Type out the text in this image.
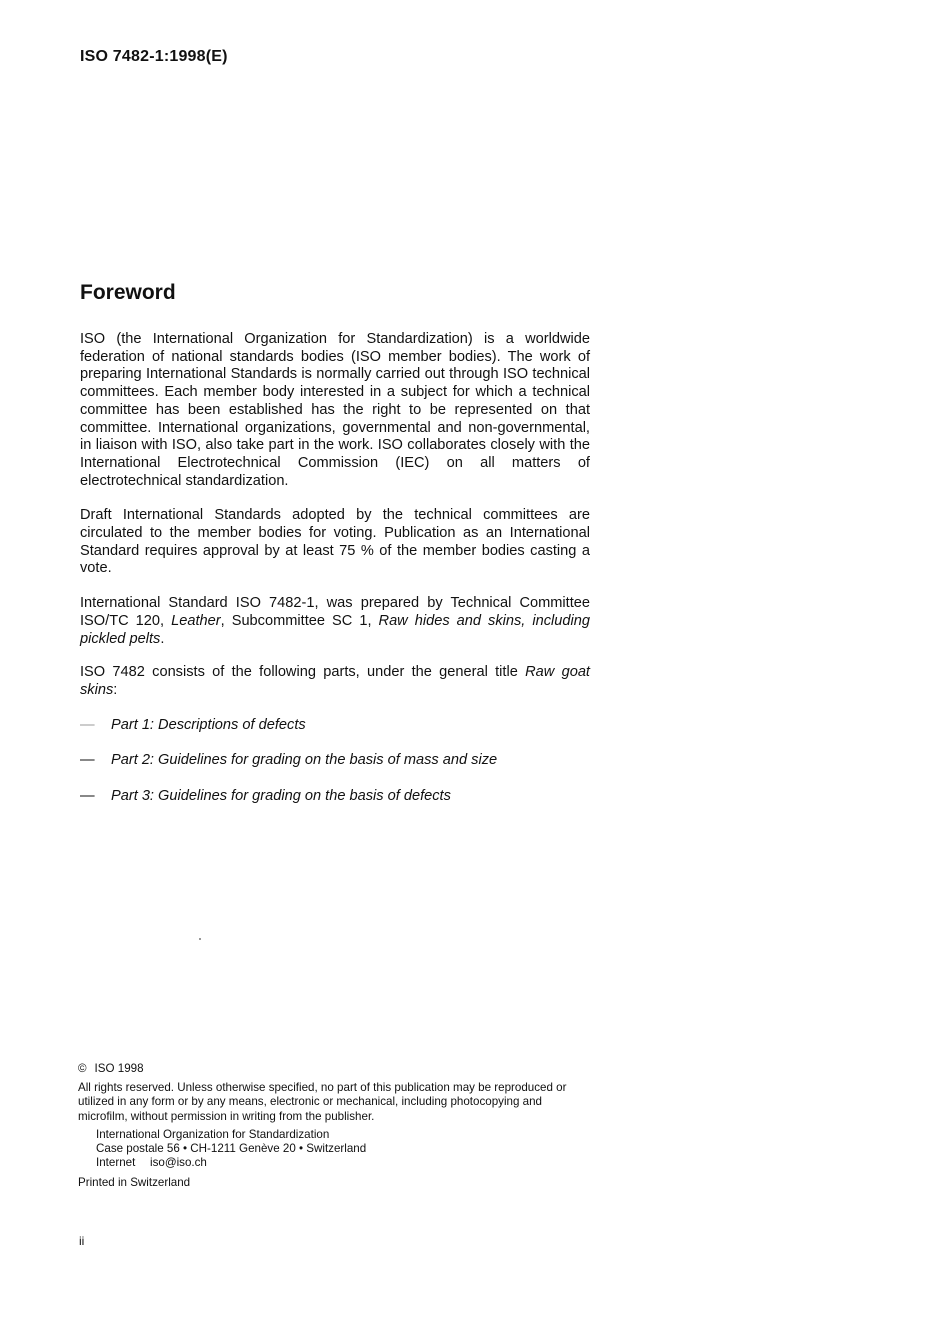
ISO 7482-1:1998(E)
Foreword

ISO (the International Organization for Standardization) is a worldwide federation of national standards bodies (ISO member bodies). The work of preparing International Standards is normally carried out through ISO technical committees. Each member body interested in a subject for which a technical committee has been established has the right to be represented on that committee. International organizations, governmental and non-governmental, in liaison with ISO, also take part in the work. ISO collaborates closely with the International Electrotechnical Commission (IEC) on all matters of electrotechnical standardization.

Draft International Standards adopted by the technical committees are circulated to the member bodies for voting. Publication as an International Standard requires approval by at least 75 % of the member bodies casting a vote.

International Standard ISO 7482-1, was prepared by Technical Committee ISO/TC 120, Leather, Subcommittee SC 1, Raw hides and skins, including pickled pelts.

ISO 7482 consists of the following parts, under the general title Raw goat skins:

— Part 1: Descriptions of defects
— Part 2: Guidelines for grading on the basis of mass and size
— Part 3: Guidelines for grading on the basis of defects
© ISO 1998
All rights reserved. Unless otherwise specified, no part of this publication may be reproduced or utilized in any form or by any means, electronic or mechanical, including photocopying and microfilm, without permission in writing from the publisher.
International Organization for Standardization
Case postale 56 • CH-1211 Genève 20 • Switzerland
Internet iso@iso.ch
Printed in Switzerland
ii
